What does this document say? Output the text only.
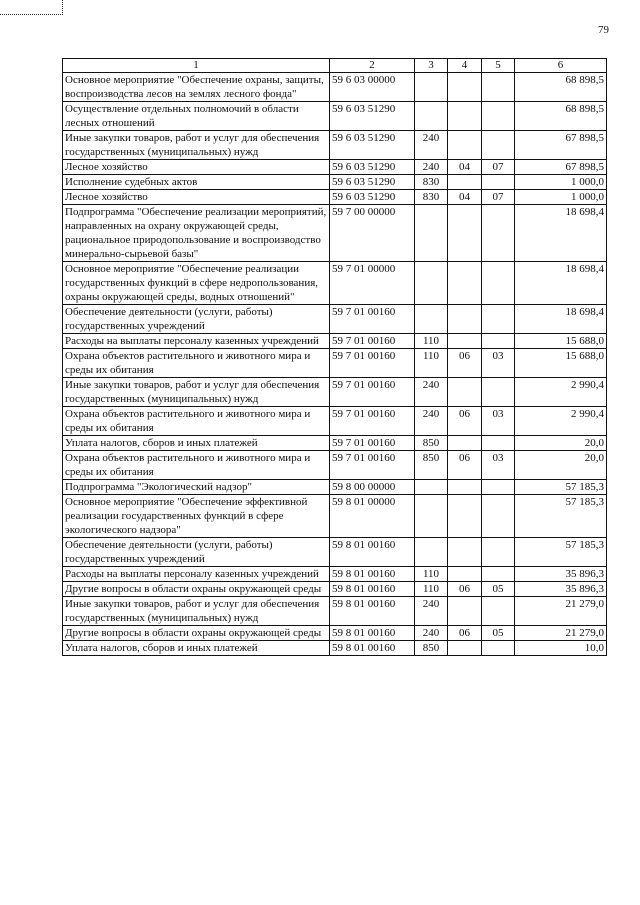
79
1	2	3	4	5	6
Основное мероприятие "Обеспечение охраны, защиты, воспроизводства лесов на землях лесного фонда"	59 6 03 00000				68 898,5
Осуществление отдельных полномочий в области лесных отношений	59 6 03 51290				68 898,5
Иные закупки товаров, работ и услуг для обеспечения государственных (муниципальных) нужд	59 6 03 51290	240			67 898,5
Лесное хозяйство	59 6 03 51290	240	04	07	67 898,5
Исполнение судебных актов	59 6 03 51290	830			1 000,0
Лесное хозяйство	59 6 03 51290	830	04	07	1 000,0
Подпрограмма "Обеспечение реализации мероприятий, направленных на охрану окружающей среды, рациональное природопользование и воспроизводство минерально-сырьевой базы"	59 7 00 00000				18 698,4
Основное мероприятие "Обеспечение реализации государственных функций в сфере недропользования, охраны окружающей среды, водных отношений"	59 7 01 00000				18 698,4
Обеспечение деятельности (услуги, работы) государственных учреждений	59 7 01 00160				18 698,4
Расходы на выплаты персоналу казенных учреждений	59 7 01 00160	110			15 688,0
Охрана объектов растительного и животного мира и среды их обитания	59 7 01 00160	110	06	03	15 688,0
Иные закупки товаров, работ и услуг для обеспечения государственных (муниципальных) нужд	59 7 01 00160	240			2 990,4
Охрана объектов растительного и животного мира и среды их обитания	59 7 01 00160	240	06	03	2 990,4
Уплата налогов, сборов и иных платежей	59 7 01 00160	850			20,0
Охрана объектов растительного и животного мира и среды их обитания	59 7 01 00160	850	06	03	20,0
Подпрограмма "Экологический надзор"	59 8 00 00000				57 185,3
Основное мероприятие "Обеспечение эффективной реализации государственных функций в сфере экологического надзора"	59 8 01 00000				57 185,3
Обеспечение деятельности (услуги, работы) государственных учреждений	59 8 01 00160				57 185,3
Расходы на выплаты персоналу казенных учреждений	59 8 01 00160	110			35 896,3
Другие вопросы в области охраны окружающей среды	59 8 01 00160	110	06	05	35 896,3
Иные закупки товаров, работ и услуг для обеспечения государственных (муниципальных) нужд	59 8 01 00160	240			21 279,0
Другие вопросы в области охраны окружающей среды	59 8 01 00160	240	06	05	21 279,0
Уплата налогов, сборов и иных платежей	59 8 01 00160	850			10,0
